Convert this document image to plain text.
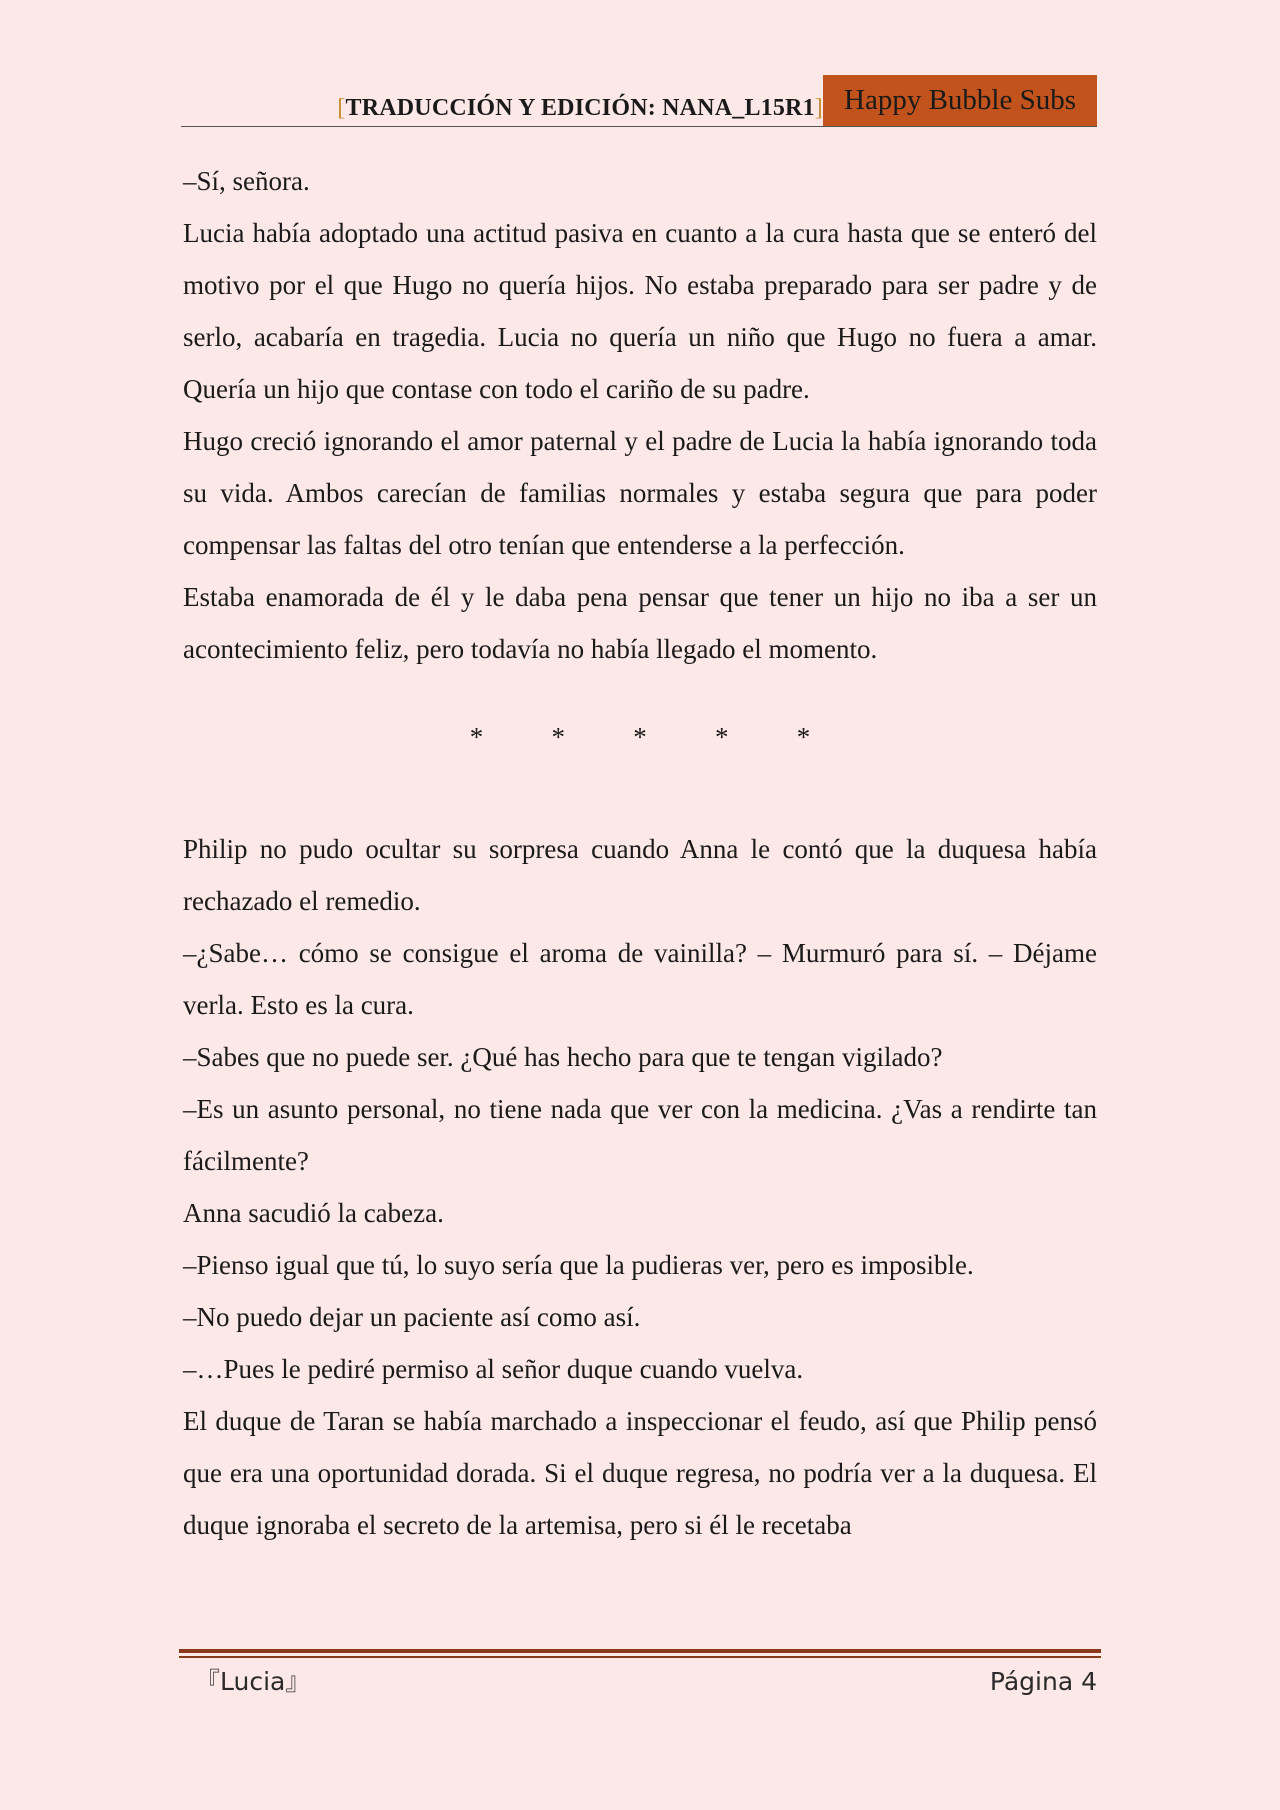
[TRADUCCIÓN Y EDICIÓN: NANA_L15R1] Happy Bubble Subs

–Sí, señora.

Lucia había adoptado una actitud pasiva en cuanto a la cura hasta que se enteró del motivo por el que Hugo no quería hijos. No estaba preparado para ser padre y de serlo, acabaría en tragedia. Lucia no quería un niño que Hugo no fuera a amar. Quería un hijo que contase con todo el cariño de su padre.

Hugo creció ignorando el amor paternal y el padre de Lucia la había ignorando toda su vida. Ambos carecían de familias normales y estaba segura que para poder compensar las faltas del otro tenían que entenderse a la perfección.

Estaba enamorada de él y le daba pena pensar que tener un hijo no iba a ser un acontecimiento feliz, pero todavía no había llegado el momento.

*	*	*	*	*

Philip no pudo ocultar su sorpresa cuando Anna le contó que la duquesa había rechazado el remedio.

–¿Sabe… cómo se consigue el aroma de vainilla? – Murmuró para sí. – Déjame verla. Esto es la cura.

–Sabes que no puede ser. ¿Qué has hecho para que te tengan vigilado?

–Es un asunto personal, no tiene nada que ver con la medicina. ¿Vas a rendirte tan fácilmente?

Anna sacudió la cabeza.

–Pienso igual que tú, lo suyo sería que la pudieras ver, pero es imposible.

–No puedo dejar un paciente así como así.

–…Pues le pediré permiso al señor duque cuando vuelva.

El duque de Taran se había marchado a inspeccionar el feudo, así que Philip pensó que era una oportunidad dorada. Si el duque regresa, no podría ver a la duquesa. El duque ignoraba el secreto de la artemisa, pero si él le recetaba

『Lucia』	Página 4
